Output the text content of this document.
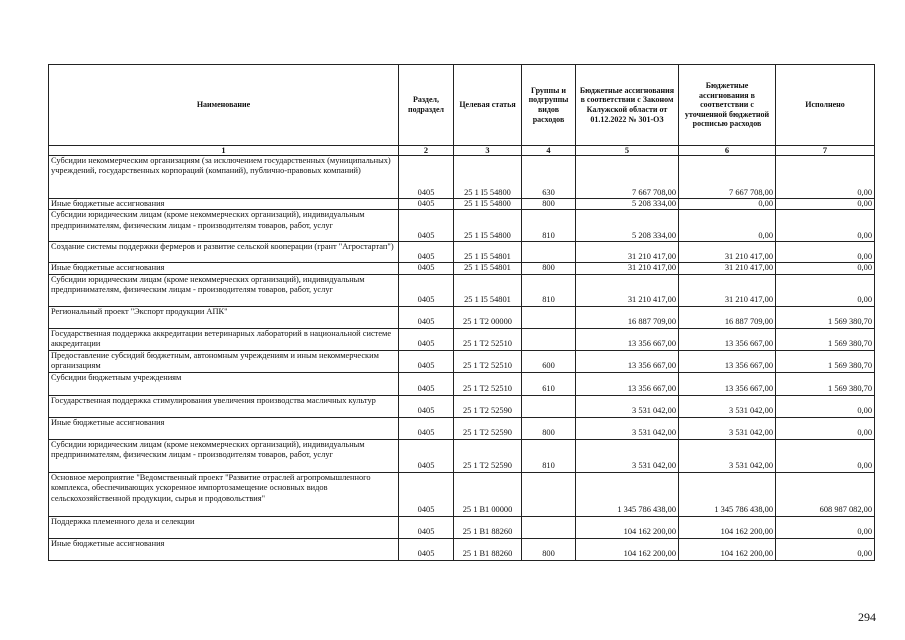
Наименование	Раздел, подраздел	Целевая статья	Группы и подгруппы видов расходов	Бюджетные ассигнования в соответствии с Законом Калужской области от 01.12.2022 № 301-ОЗ	Бюджетные ассигнования в соответствии с уточненной бюджетной росписью расходов	Исполнено
1	2	3	4	5	6	7
Субсидии некоммерческим организациям (за исключением государственных (муниципальных) учреждений, государственных корпораций (компаний), публично-правовых компаний)	0405	25 1 I5 54800	630	7 667 708,00	7 667 708,00	0,00
Иные бюджетные ассигнования	0405	25 1 I5 54800	800	5 208 334,00	0,00	0,00
Субсидии юридическим лицам (кроме некоммерческих организаций), индивидуальным предпринимателям, физическим лицам - производителям товаров, работ, услуг	0405	25 1 I5 54800	810	5 208 334,00	0,00	0,00
Создание системы поддержки фермеров и развитие сельской кооперации (грант "Агростартап")	0405	25 1 I5 54801		31 210 417,00	31 210 417,00	0,00
Иные бюджетные ассигнования	0405	25 1 I5 54801	800	31 210 417,00	31 210 417,00	0,00
Субсидии юридическим лицам (кроме некоммерческих организаций), индивидуальным предпринимателям, физическим лицам - производителям товаров, работ, услуг	0405	25 1 I5 54801	810	31 210 417,00	31 210 417,00	0,00
Региональный проект "Экспорт продукции АПК"	0405	25 1 T2 00000		16 887 709,00	16 887 709,00	1 569 380,70
Государственная поддержка аккредитации ветеринарных лабораторий в национальной системе аккредитации	0405	25 1 T2 52510		13 356 667,00	13 356 667,00	1 569 380,70
Предоставление субсидий бюджетным, автономным учреждениям и иным некоммерческим организациям	0405	25 1 T2 52510	600	13 356 667,00	13 356 667,00	1 569 380,70
Субсидии бюджетным учреждениям	0405	25 1 T2 52510	610	13 356 667,00	13 356 667,00	1 569 380,70
Государственная поддержка стимулирования увеличения производства масличных культур	0405	25 1 T2 52590		3 531 042,00	3 531 042,00	0,00
Иные бюджетные ассигнования	0405	25 1 T2 52590	800	3 531 042,00	3 531 042,00	0,00
Субсидии юридическим лицам (кроме некоммерческих организаций), индивидуальным предпринимателям, физическим лицам - производителям товаров, работ, услуг	0405	25 1 T2 52590	810	3 531 042,00	3 531 042,00	0,00
Основное мероприятие "Ведомственный проект "Развитие отраслей агропромышленного комплекса, обеспечивающих ускоренное импортозамещение основных видов сельскохозяйственной продукции, сырья и продовольствия"	0405	25 1 B1 00000		1 345 786 438,00	1 345 786 438,00	608 987 082,00
Поддержка племенного дела и селекции	0405	25 1 B1 88260		104 162 200,00	104 162 200,00	0,00
Иные бюджетные ассигнования	0405	25 1 B1 88260	800	104 162 200,00	104 162 200,00	0,00
294
